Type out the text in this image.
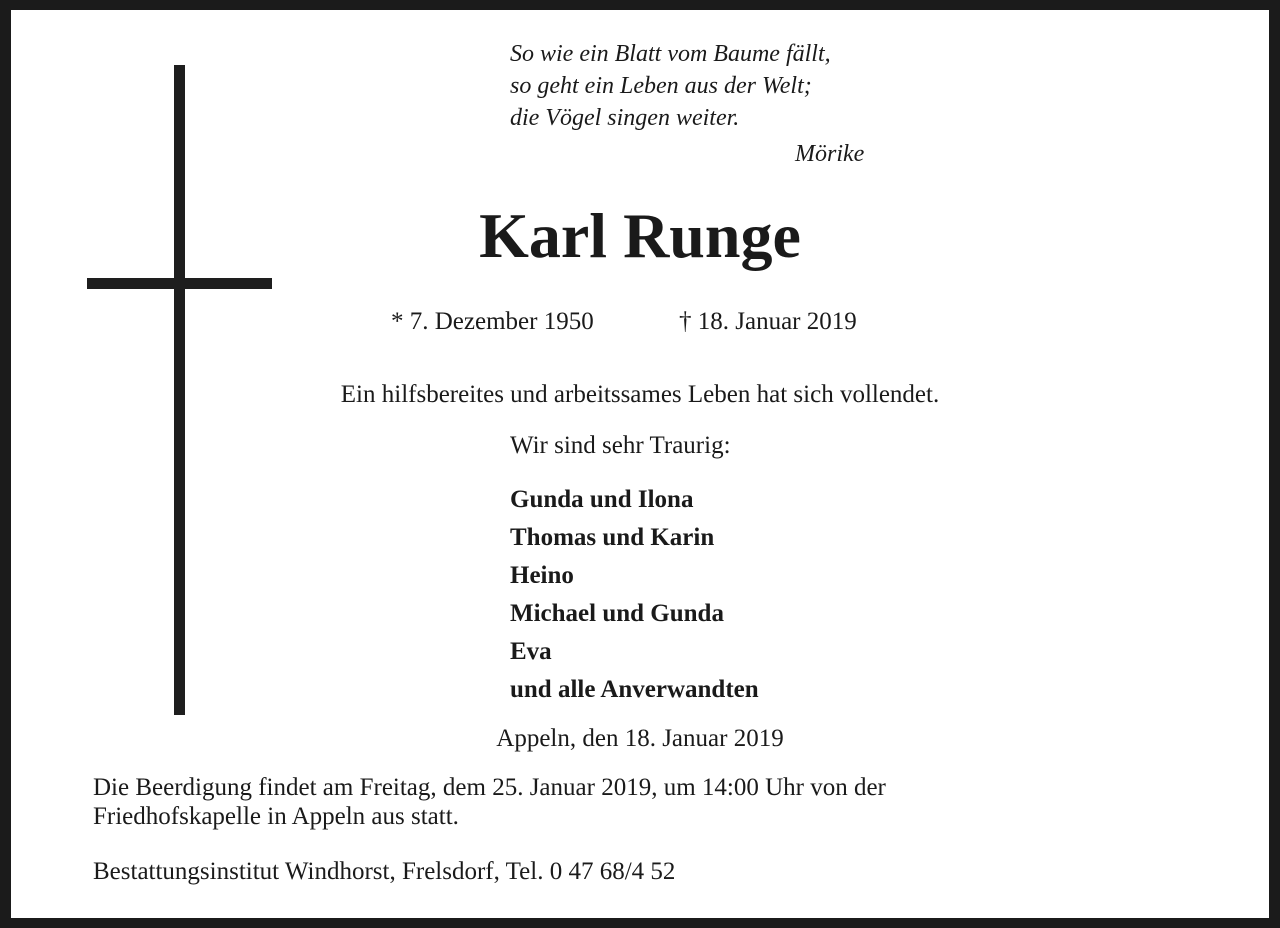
So wie ein Blatt vom Baume fällt,
so geht ein Leben aus der Welt;
die Vögel singen weiter.
Mörike
Karl Runge
* 7. Dezember 1950	† 18. Januar 2019
Ein hilfsbereites und arbeitssames Leben hat sich vollendet.
Wir sind sehr Traurig:
Gunda und Ilona
Thomas und Karin
Heino
Michael und Gunda
Eva
und alle Anverwandten
Appeln, den 18. Januar 2019
Die Beerdigung findet am Freitag, dem 25. Januar 2019, um 14:00 Uhr von der
Friedhofskapelle in Appeln aus statt.
Bestattungsinstitut Windhorst, Frelsdorf, Tel. 0 47 68/4 52
